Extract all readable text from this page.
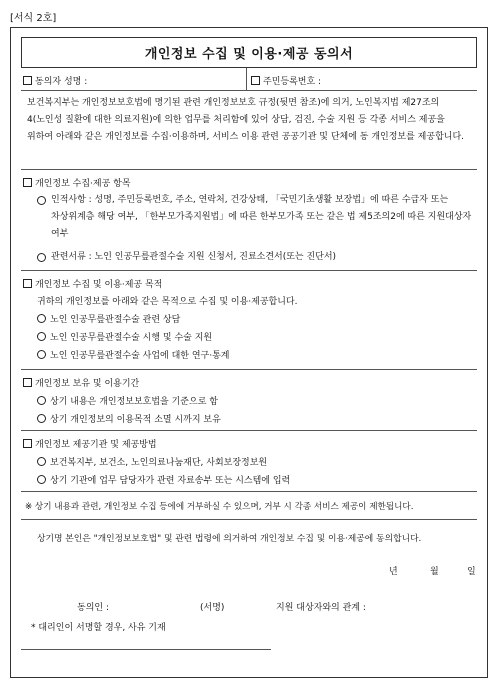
[서식 2호]
개인정보 수집 및 이용·제공 동의서
동의자 성명 :	주민등록번호 :
보건복지부는 개인정보보호법에 명기된 관련 개인정보보호 규정(뒷면 참조)에 의거, 노인복지법 제27조의 4(노인성 질환에 대한 의료지원)에 의한 업무를 처리함에 있어 상담, 검진, 수술 지원 등 각종 서비스 제공을 위하여 아래와 같은 개인정보를 수집·이용하며, 서비스 이용 관련 공공기관 및 단체에 동 개인정보를 제공합니다.
개인정보 수집·제공 항목
인적사항 : 성명, 주민등록번호, 주소, 연락처, 건강상태, 「국민기초생활 보장법」에 따른 수급자 또는 차상위계층 해당 여부, 「한부모가족지원법」에 따른 한부모가족 또는 같은 법 제5조의2에 따른 지원대상자 여부
관련서류 : 노인 인공무릎관절수술 지원 신청서, 진료소견서(또는 진단서)
개인정보 수집 및 이용·제공 목적
귀하의 개인정보를 아래와 같은 목적으로 수집 및 이용·제공합니다.
노인 인공무릎관절수술 관련 상담
노인 인공무릎관절수술 시행 및 수술 지원
노인 인공무릎관절수술 사업에 대한 연구·통계
개인정보 보유 및 이용기간
상기 내용은 개인정보보호법을 기준으로 함
상기 개인정보의 이용목적 소멸 시까지 보유
개인정보 제공기관 및 제공방법
보건복지부, 보건소, 노인의료나눔재단, 사회보장정보원
상기 기관에 업무 담당자가 관련 자료송부 또는 시스템에 입력
※ 상기 내용과 관련, 개인정보 수집 등에에 거부하실 수 있으며, 거부 시 각종 서비스 제공이 제한됩니다.
상기명 본인은 "개인정보보호법" 및 관련 법령에 의거하여 개인정보 수집 및 이용·제공에 동의합니다.
년	월	일
동의인 :	(서명)	지원 대상자와의 관계 :
* 대리인이 서명할 경우, 사유 기재
